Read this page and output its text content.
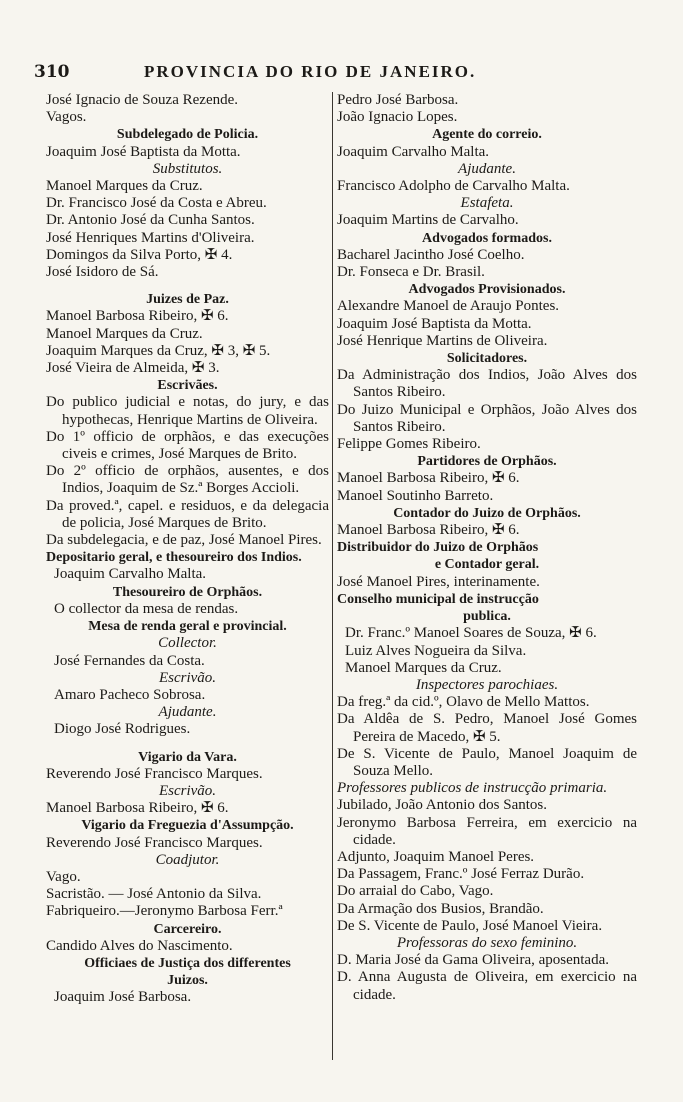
310	PROVINCIA DO RIO DE JANEIRO.
José Ignacio de Souza Rezende.
Vagos.
Subdelegado de Policia.
Joaquim José Baptista da Motta.
Substitutos.
Manoel Marques da Cruz.
Dr. Francisco José da Costa e Abreu.
Dr. Antonio José da Cunha Santos.
José Henriques Martins d'Oliveira.
Domingos da Silva Porto, ✠ 4.
José Isidoro de Sá.
Juizes de Paz.
Manoel Barbosa Ribeiro, ✠ 6.
Manoel Marques da Cruz.
Joaquim Marques da Cruz, ✠ 3, ✠ 5.
José Vieira de Almeida, ✠ 3.
Escrivães.
Do publico judicial e notas, do jury, e das hypothecas, Henrique Martins de Oliveira.
Do 1º officio de orphãos, e das execuções civeis e crimes, José Marques de Brito.
Do 2º officio de orphãos, ausentes, e dos Indios, Joaquim de Sz.ª Borges Accioli.
Da proved.ª, capel. e residuos, e da delegacia de policia, José Marques de Brito.
Da subdelegacia, e de paz, José Manoel Pires.
Depositario geral, e thesoureiro dos Indios.
Joaquim Carvalho Malta.
Thesoureiro de Orphãos.
O collector da mesa de rendas.
Mesa de renda geral e provincial.
Collector.
José Fernandes da Costa.
Escrivão.
Amaro Pacheco Sobrosa.
Ajudante.
Diogo José Rodrigues.
Vigario da Vara.
Reverendo José Francisco Marques.
Escrivão.
Manoel Barbosa Ribeiro, ✠ 6.
Vigario da Freguezia d'Assumpção.
Reverendo José Francisco Marques.
Coadjutor.
Vago.
Sacristão. — José Antonio da Silva.
Fabriqueiro.—Jeronymo Barbosa Ferr.ª
Carcereiro.
Candido Alves do Nascimento.
Officiaes de Justiça dos differentes
Juizos.
Joaquim José Barbosa.
Pedro José Barbosa.
João Ignacio Lopes.
Agente do correio.
Joaquim Carvalho Malta.
Ajudante.
Francisco Adolpho de Carvalho Malta.
Estafeta.
Joaquim Martins de Carvalho.
Advogados formados.
Bacharel Jacintho José Coelho.
Dr. Fonseca e Dr. Brasil.
Advogados Provisionados.
Alexandre Manoel de Araujo Pontes.
Joaquim José Baptista da Motta.
José Henrique Martins de Oliveira.
Solicitadores.
Da Administração dos Indios, João Alves dos Santos Ribeiro.
Do Juizo Municipal e Orphãos, João Alves dos Santos Ribeiro.
Felippe Gomes Ribeiro.
Partidores de Orphãos.
Manoel Barbosa Ribeiro, ✠ 6.
Manoel Soutinho Barreto.
Contador do Juizo de Orphãos.
Manoel Barbosa Ribeiro, ✠ 6.
Distribuidor do Juizo de Orphãos
e Contador geral.
José Manoel Pires, interinamente.
Conselho municipal de instrucção
publica.
Dr. Franc.º Manoel Soares de Souza, ✠ 6.
Luiz Alves Nogueira da Silva.
Manoel Marques da Cruz.
Inspectores parochiaes.
Da freg.ª da cid.º, Olavo de Mello Mattos.
Da Aldêa de S. Pedro, Manoel José Gomes Pereira de Macedo, ✠ 5.
De S. Vicente de Paulo, Manoel Joaquim de Souza Mello.
Professores publicos de instrucção primaria.
Jubilado, João Antonio dos Santos.
Jeronymo Barbosa Ferreira, em exercicio na cidade.
Adjunto, Joaquim Manoel Peres.
Da Passagem, Franc.º José Ferraz Durão.
Do arraial do Cabo, Vago.
Da Armação dos Busios, Brandão.
De S. Vicente de Paulo, José Manoel Vieira.
Professoras do sexo feminino.
D. Maria José da Gama Oliveira, aposentada.
D. Anna Augusta de Oliveira, em exercicio na cidade.
